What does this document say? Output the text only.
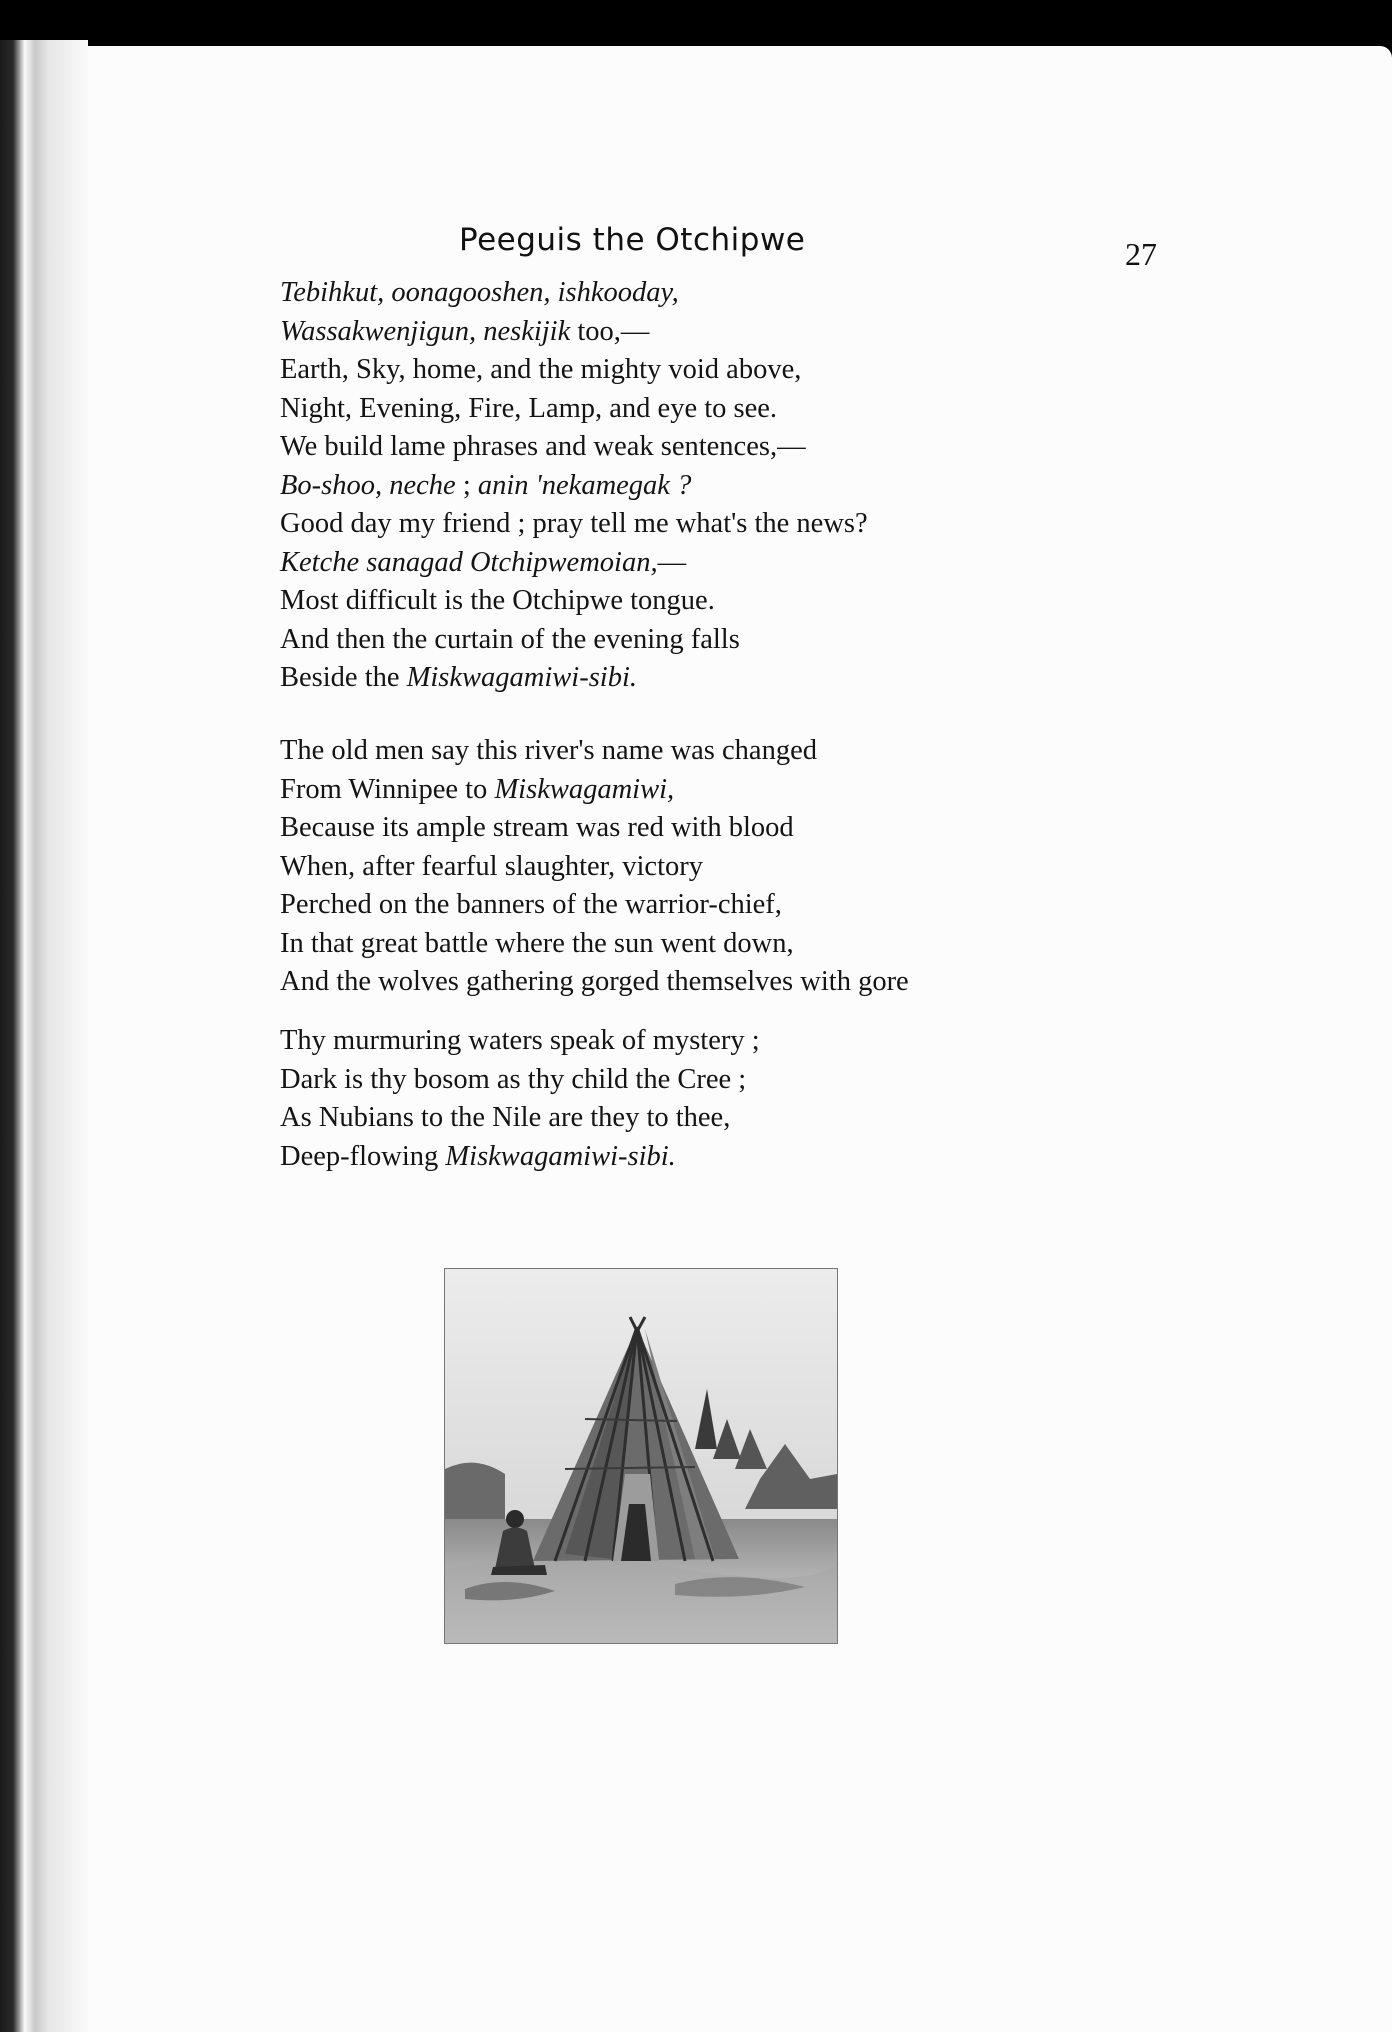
Peeguis the Otchipwe	27
Tebihkut, oonagooshen, ishkooday,
Wassakwenjigun, neskijik too,—
Earth, Sky, home, and the mighty void above,
Night, Evening, Fire, Lamp, and eye to see.
We build lame phrases and weak sentences,—
Bo-shoo, neche ; anin 'nekamegak ?
Good day my friend ; pray tell me what's the news?
Ketche sanagad Otchipwemoian,—
Most difficult is the Otchipwe tongue.
And then the curtain of the evening falls
Beside the Miskwagamiwi-sibi.
The old men say this river's name was changed
From Winnipee to Miskwagamiwi,
Because its ample stream was red with blood
When, after fearful slaughter, victory
Perched on the banners of the warrior-chief,
In that great battle where the sun went down,
And the wolves gathering gorged themselves with gore
Thy murmuring waters speak of mystery ;
Dark is thy bosom as thy child the Cree ;
As Nubians to the Nile are they to thee,
Deep-flowing Miskwagamiwi-sibi.
